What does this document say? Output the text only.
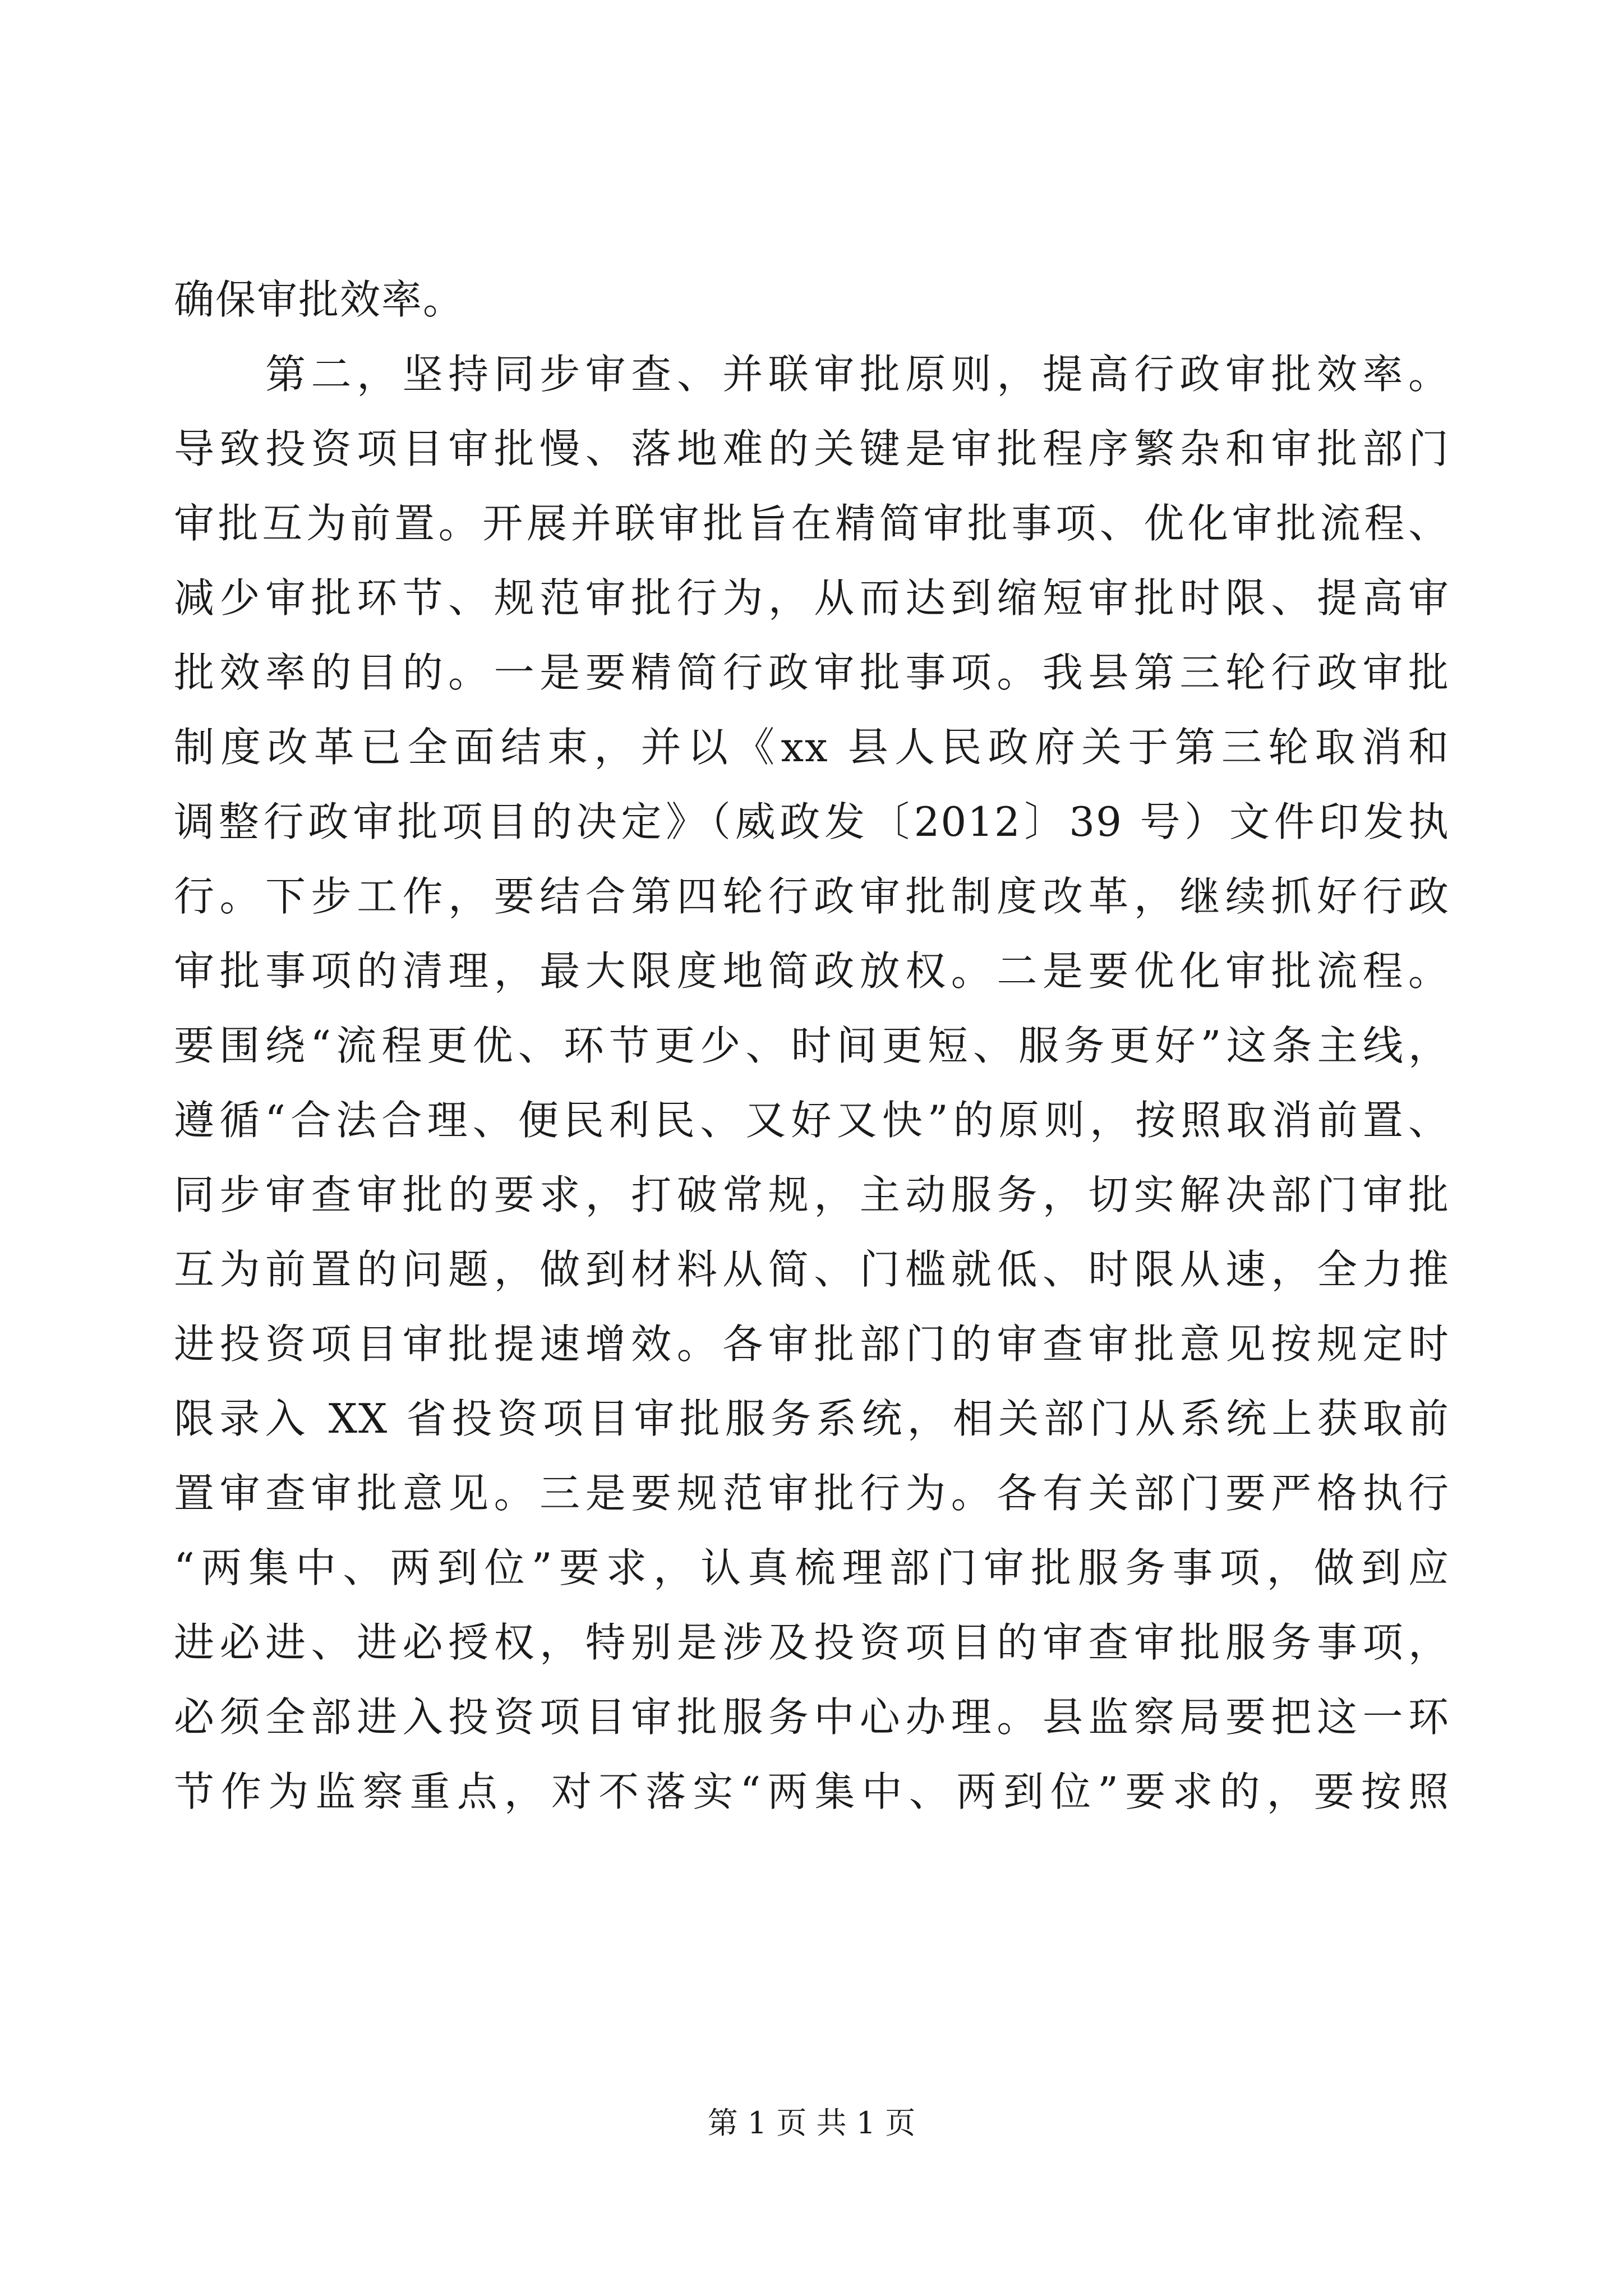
确保审批效率。
　　第二，坚持同步审查、并联审批原则，提高行政审批效率。
导致投资项目审批慢、落地难的关键是审批程序繁杂和审批部门
审批互为前置。开展并联审批旨在精简审批事项、优化审批流程、
减少审批环节、规范审批行为，从而达到缩短审批时限、提高审
批效率的目的。一是要精简行政审批事项。我县第三轮行政审批
制度改革已全面结束，并以《xx 县人民政府关于第三轮取消和
调整行政审批项目的决定》（威政发〔2012〕39 号）文件印发执
行。下步工作，要结合第四轮行政审批制度改革，继续抓好行政
审批事项的清理，最大限度地简政放权。二是要优化审批流程。
要围绕“流程更优、环节更少、时间更短、服务更好”这条主线，
遵循“合法合理、便民利民、又好又快”的原则，按照取消前置、
同步审查审批的要求，打破常规，主动服务，切实解决部门审批
互为前置的问题，做到材料从简、门槛就低、时限从速，全力推
进投资项目审批提速增效。各审批部门的审查审批意见按规定时
限录入 XX 省投资项目审批服务系统，相关部门从系统上获取前
置审查审批意见。三是要规范审批行为。各有关部门要严格执行
“两集中、两到位”要求，认真梳理部门审批服务事项，做到应
进必进、进必授权，特别是涉及投资项目的审查审批服务事项，
必须全部进入投资项目审批服务中心办理。县监察局要把这一环
节作为监察重点，对不落实“两集中、两到位”要求的，要按照
第 1 页 共 1 页
